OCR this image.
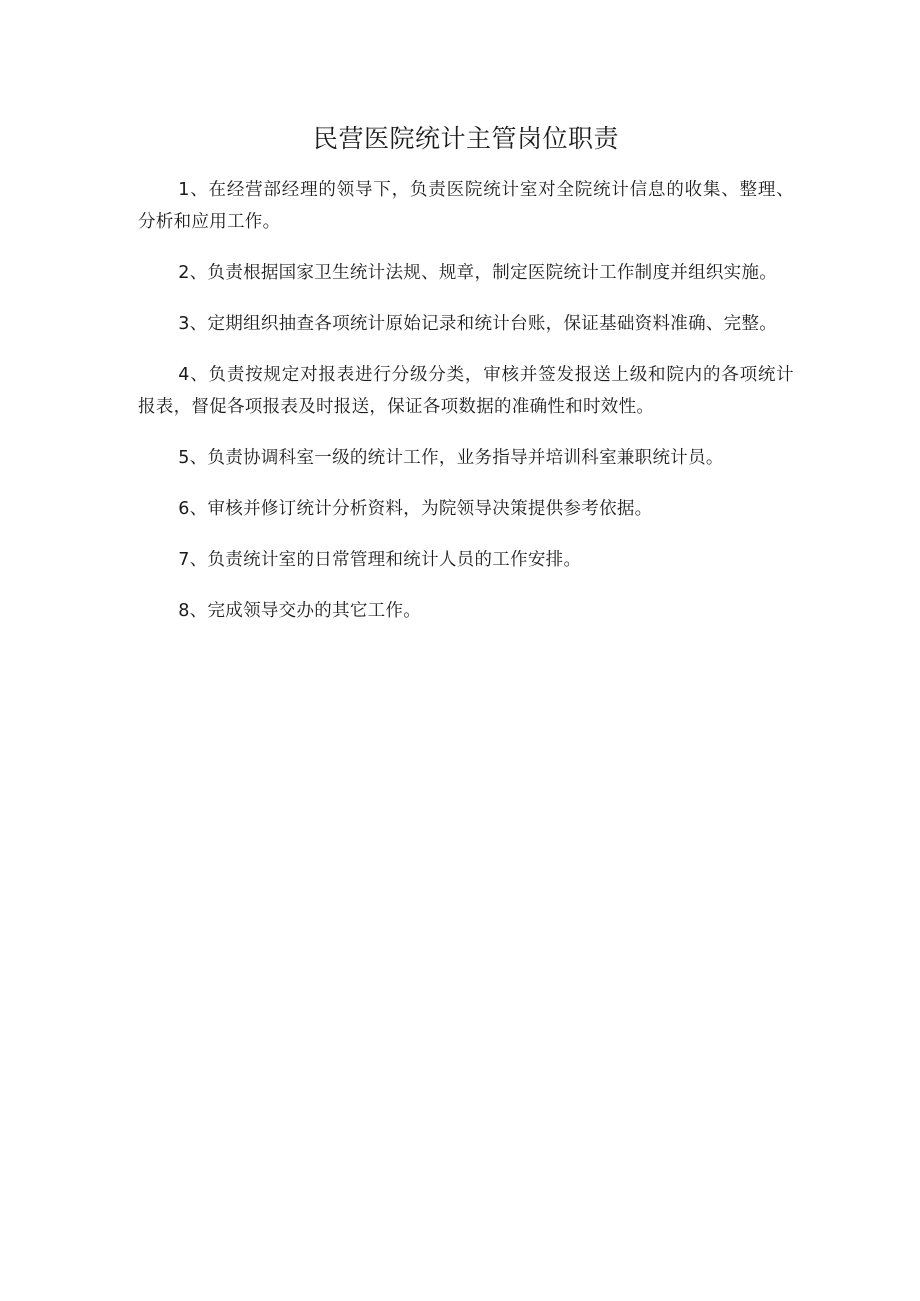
民营医院统计主管岗位职责
1、在经营部经理的领导下，负责医院统计室对全院统计信息的收集、整理、分析和应用工作。
2、负责根据国家卫生统计法规、规章，制定医院统计工作制度并组织实施。
3、定期组织抽查各项统计原始记录和统计台账，保证基础资料准确、完整。
4、负责按规定对报表进行分级分类，审核并签发报送上级和院内的各项统计报表，督促各项报表及时报送，保证各项数据的准确性和时效性。
5、负责协调科室一级的统计工作，业务指导并培训科室兼职统计员。
6、审核并修订统计分析资料，为院领导决策提供参考依据。
7、负责统计室的日常管理和统计人员的工作安排。
8、完成领导交办的其它工作。
